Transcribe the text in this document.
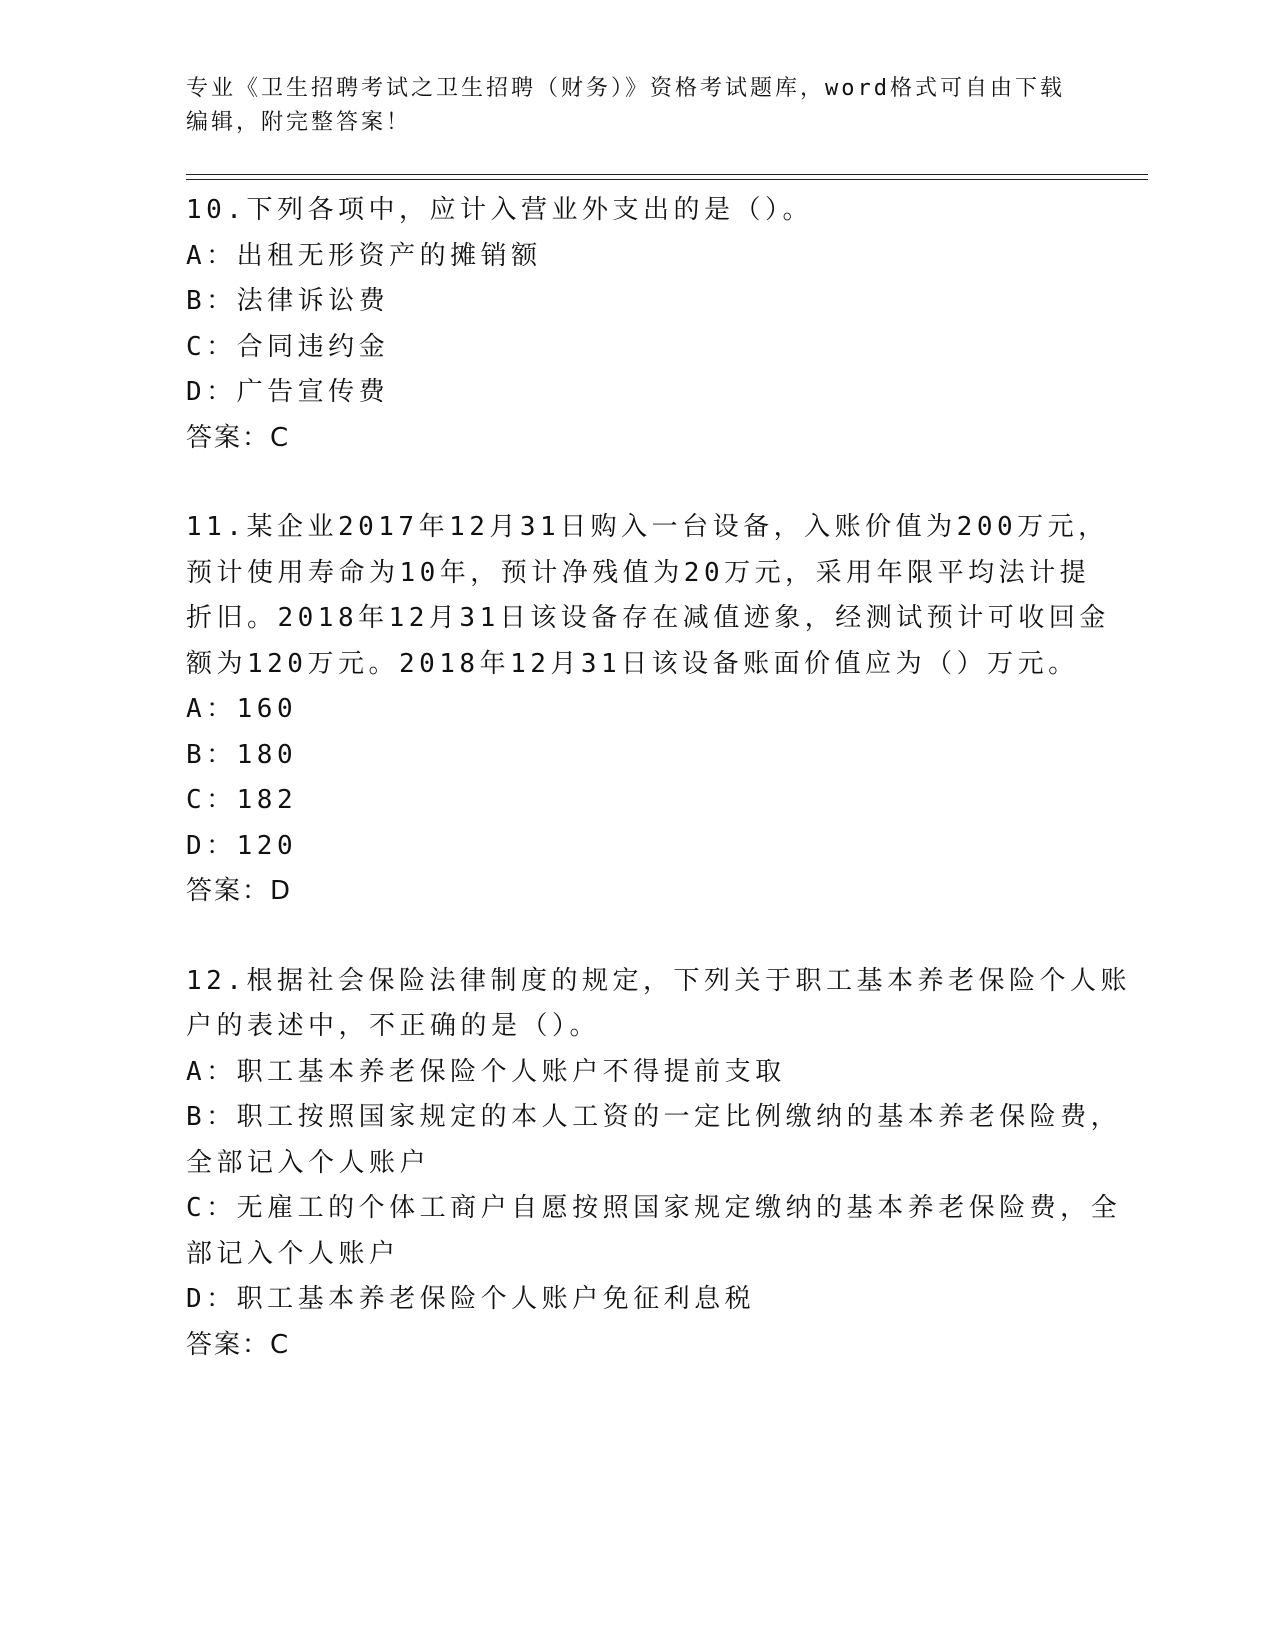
专业《卫生招聘考试之卫生招聘（财务）》资格考试题库，word格式可自由下载
编辑，附完整答案！
10.下列各项中，应计入营业外支出的是（）。
A：出租无形资产的摊销额
B：法律诉讼费
C：合同违约金
D：广告宣传费
答案：C
11.某企业2017年12月31日购入一台设备，入账价值为200万元，
预计使用寿命为10年，预计净残值为20万元，采用年限平均法计提
折旧。2018年12月31日该设备存在减值迹象，经测试预计可收回金
额为120万元。2018年12月31日该设备账面价值应为（）万元。
A：160
B：180
C：182
D：120
答案：D
12.根据社会保险法律制度的规定，下列关于职工基本养老保险个人账
户的表述中，不正确的是（）。
A：职工基本养老保险个人账户不得提前支取
B：职工按照国家规定的本人工资的一定比例缴纳的基本养老保险费，
全部记入个人账户
C：无雇工的个体工商户自愿按照国家规定缴纳的基本养老保险费，全
部记入个人账户
D：职工基本养老保险个人账户免征利息税
答案：C
